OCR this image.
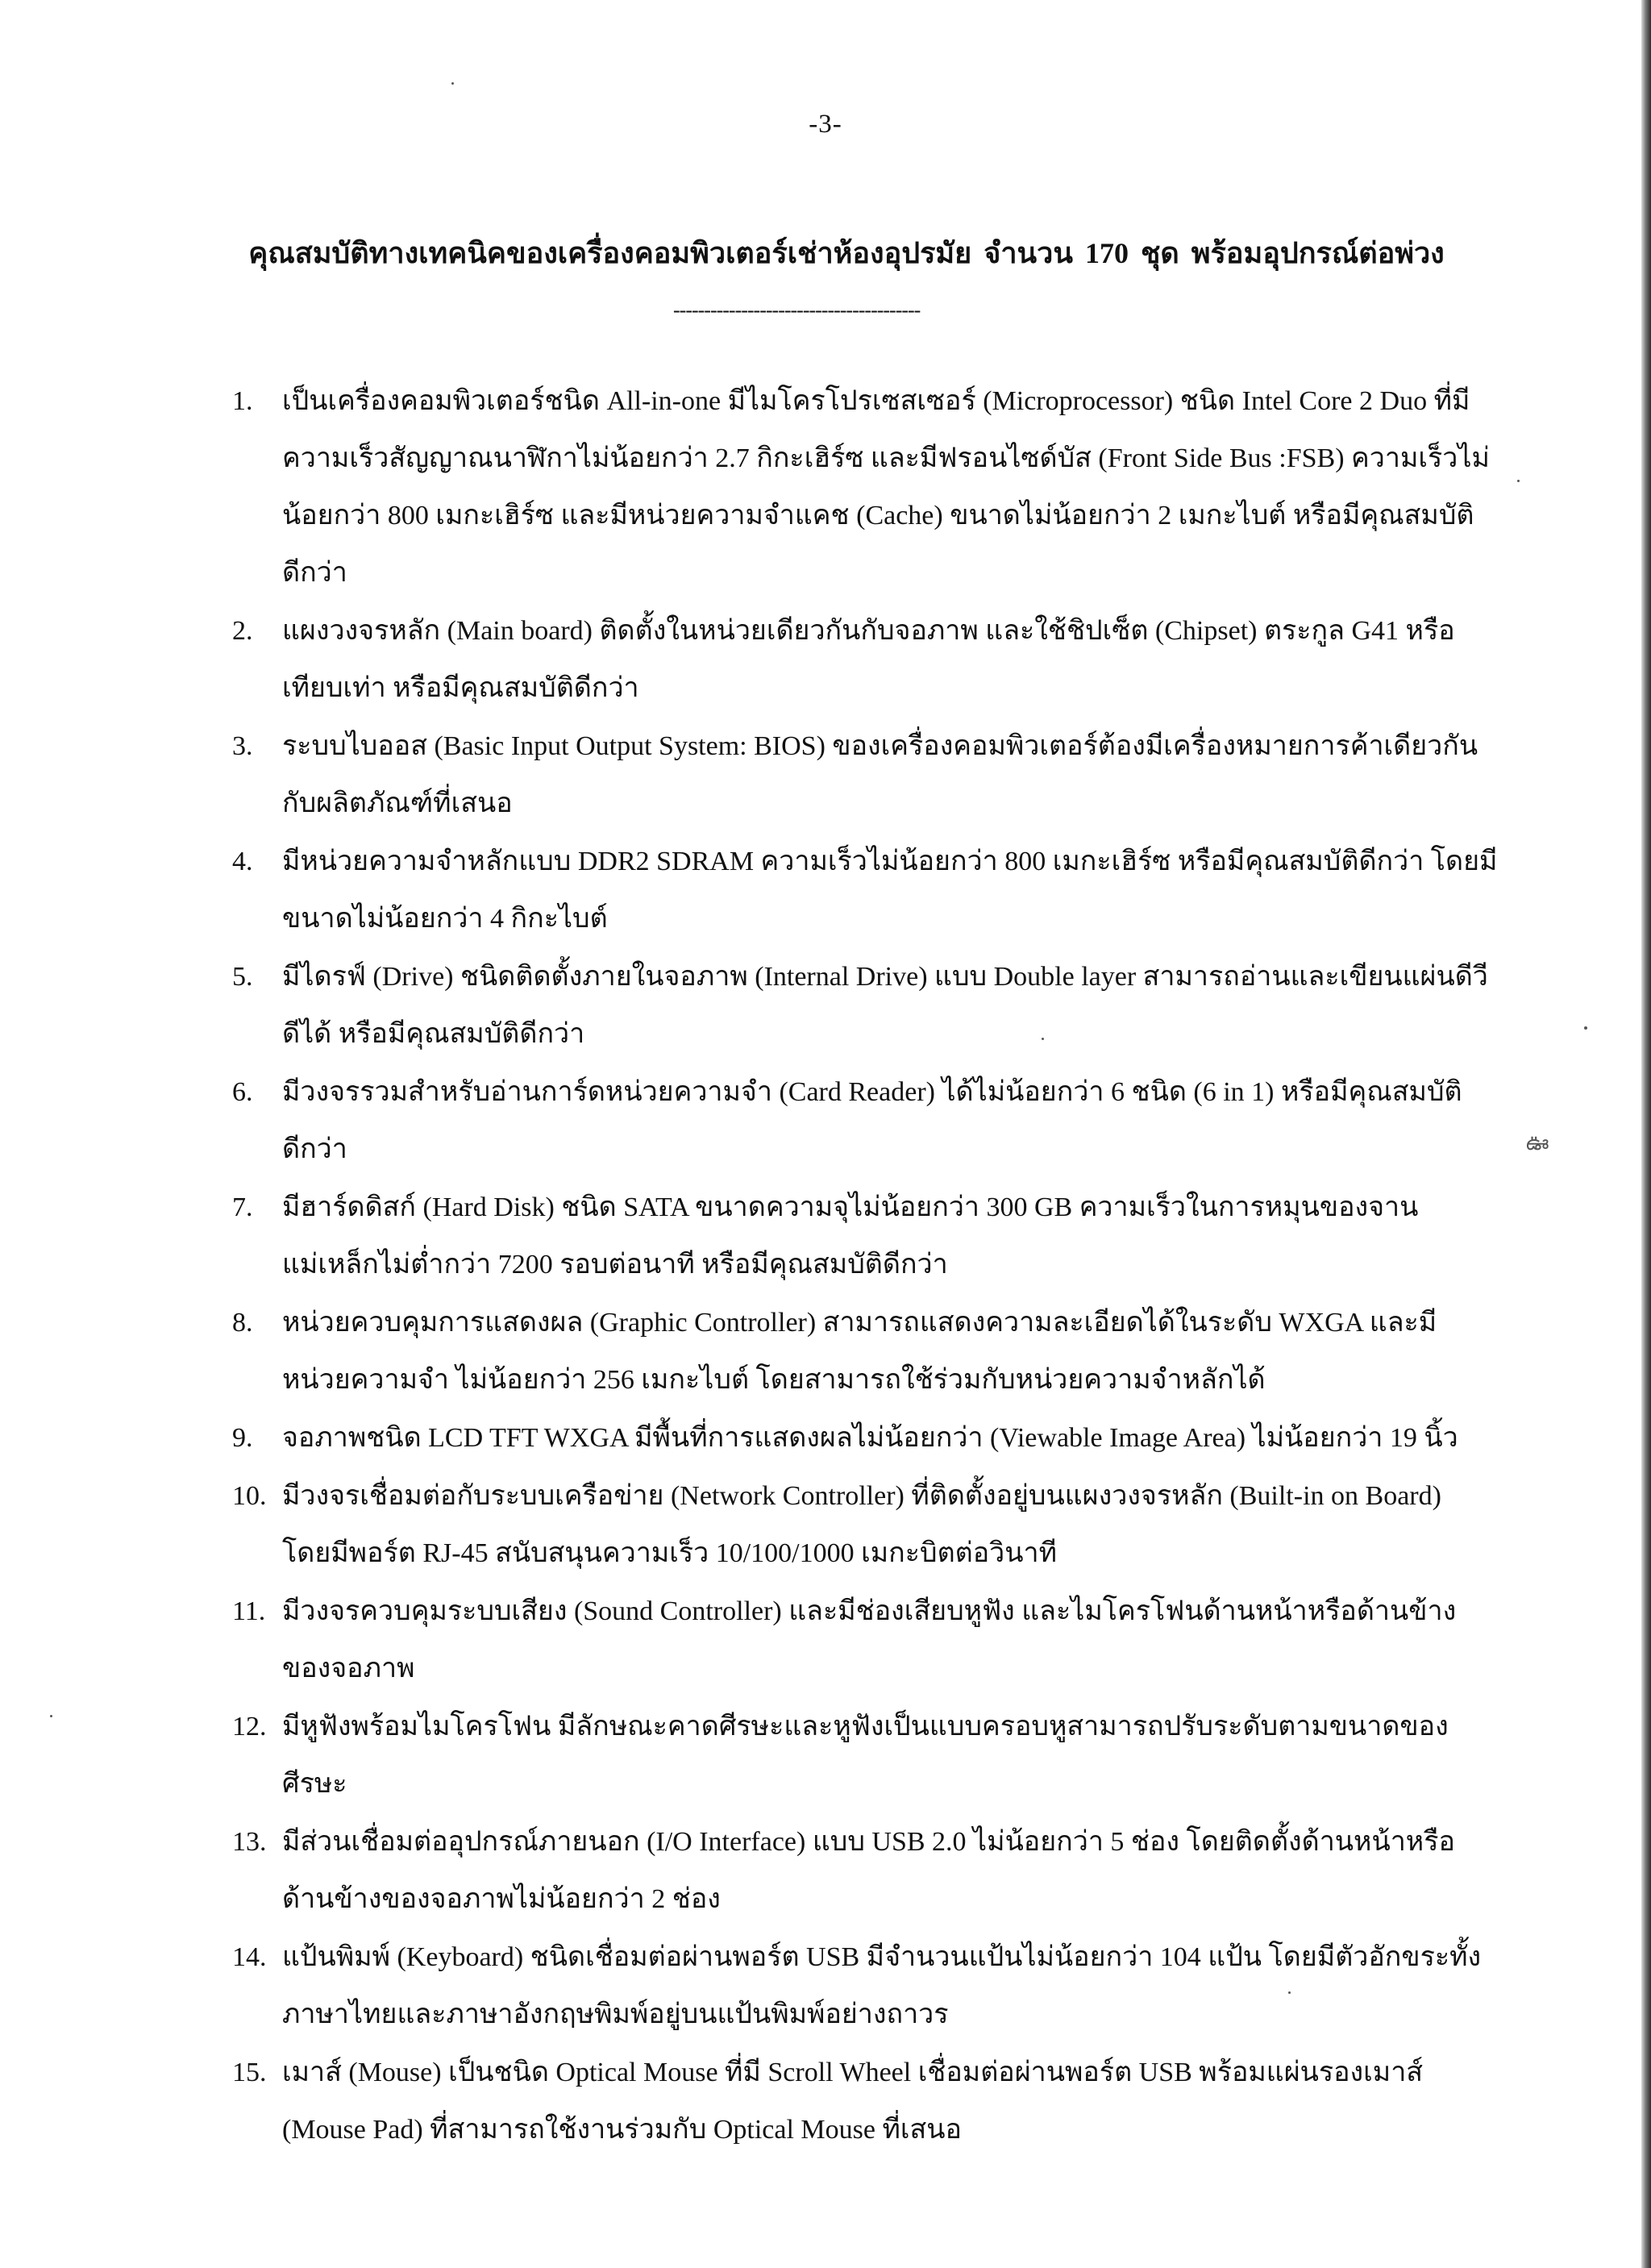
-3-
คุณสมบัติทางเทคนิคของเครื่องคอมพิวเตอร์เช่าห้องอุปรมัย จำนวน 170 ชุด พร้อมอุปกรณ์ต่อพ่วง
----------------------------------------
1.	เป็นเครื่องคอมพิวเตอร์ชนิด All-in-one มีไมโครโปรเซสเซอร์ (Microprocessor) ชนิด Intel Core 2 Duo ที่มี
ความเร็วสัญญาณนาฬิกาไม่น้อยกว่า 2.7 กิกะเฮิร์ซ และมีฟรอนไซด์บัส (Front Side Bus :FSB) ความเร็วไม่
น้อยกว่า 800 เมกะเฮิร์ซ และมีหน่วยความจำแคช (Cache) ขนาดไม่น้อยกว่า 2 เมกะไบต์ หรือมีคุณสมบัติ
ดีกว่า
2.	แผงวงจรหลัก (Main board) ติดตั้งในหน่วยเดียวกันกับจอภาพ และใช้ชิปเซ็ต (Chipset) ตระกูล G41 หรือ
เทียบเท่า หรือมีคุณสมบัติดีกว่า
3.	ระบบไบออส (Basic Input Output System: BIOS) ของเครื่องคอมพิวเตอร์ต้องมีเครื่องหมายการค้าเดียวกัน
กับผลิตภัณฑ์ที่เสนอ
4.	มีหน่วยความจำหลักแบบ DDR2 SDRAM ความเร็วไม่น้อยกว่า 800 เมกะเฮิร์ซ หรือมีคุณสมบัติดีกว่า โดยมี
ขนาดไม่น้อยกว่า 4 กิกะไบต์
5.	มีไดรฟ์ (Drive) ชนิดติดตั้งภายในจอภาพ (Internal Drive) แบบ Double layer สามารถอ่านและเขียนแผ่นดีวี
ดีได้ หรือมีคุณสมบัติดีกว่า
6.	มีวงจรรวมสำหรับอ่านการ์ดหน่วยความจำ (Card Reader) ได้ไม่น้อยกว่า 6 ชนิด (6 in 1) หรือมีคุณสมบัติ
ดีกว่า
7.	มีฮาร์ดดิสก์ (Hard Disk) ชนิด SATA ขนาดความจุไม่น้อยกว่า 300 GB ความเร็วในการหมุนของจาน
แม่เหล็กไม่ต่ำกว่า 7200 รอบต่อนาที หรือมีคุณสมบัติดีกว่า
8.	หน่วยควบคุมการแสดงผล (Graphic Controller) สามารถแสดงความละเอียดได้ในระดับ WXGA และมี
หน่วยความจำ ไม่น้อยกว่า 256 เมกะไบต์ โดยสามารถใช้ร่วมกับหน่วยความจำหลักได้
9.	จอภาพชนิด LCD TFT WXGA มีพื้นที่การแสดงผลไม่น้อยกว่า (Viewable Image Area) ไม่น้อยกว่า 19 นิ้ว
10. มีวงจรเชื่อมต่อกับระบบเครือข่าย (Network Controller) ที่ติดตั้งอยู่บนแผงวงจรหลัก (Built-in on Board)
โดยมีพอร์ต RJ-45 สนับสนุนความเร็ว 10/100/1000 เมกะบิตต่อวินาที
11. มีวงจรควบคุมระบบเสียง (Sound Controller) และมีช่องเสียบหูฟัง และไมโครโฟนด้านหน้าหรือด้านข้าง
ของจอภาพ
12. มีหูฟังพร้อมไมโครโฟน มีลักษณะคาดศีรษะและหูฟังเป็นแบบครอบหูสามารถปรับระดับตามขนาดของ
ศีรษะ
13. มีส่วนเชื่อมต่ออุปกรณ์ภายนอก (I/O Interface) แบบ USB 2.0 ไม่น้อยกว่า 5 ช่อง โดยติดตั้งด้านหน้าหรือ
ด้านข้างของจอภาพไม่น้อยกว่า 2 ช่อง
14. แป้นพิมพ์ (Keyboard) ชนิดเชื่อมต่อผ่านพอร์ต USB มีจำนวนแป้นไม่น้อยกว่า 104 แป้น โดยมีตัวอักขระทั้ง
ภาษาไทยและภาษาอังกฤษพิมพ์อยู่บนแป้นพิมพ์อย่างถาวร
15. เมาส์ (Mouse) เป็นชนิด Optical Mouse ที่มี Scroll Wheel เชื่อมต่อผ่านพอร์ต USB พร้อมแผ่นรองเมาส์
(Mouse Pad) ที่สามารถใช้งานร่วมกับ Optical Mouse ที่เสนอ
ఊ
